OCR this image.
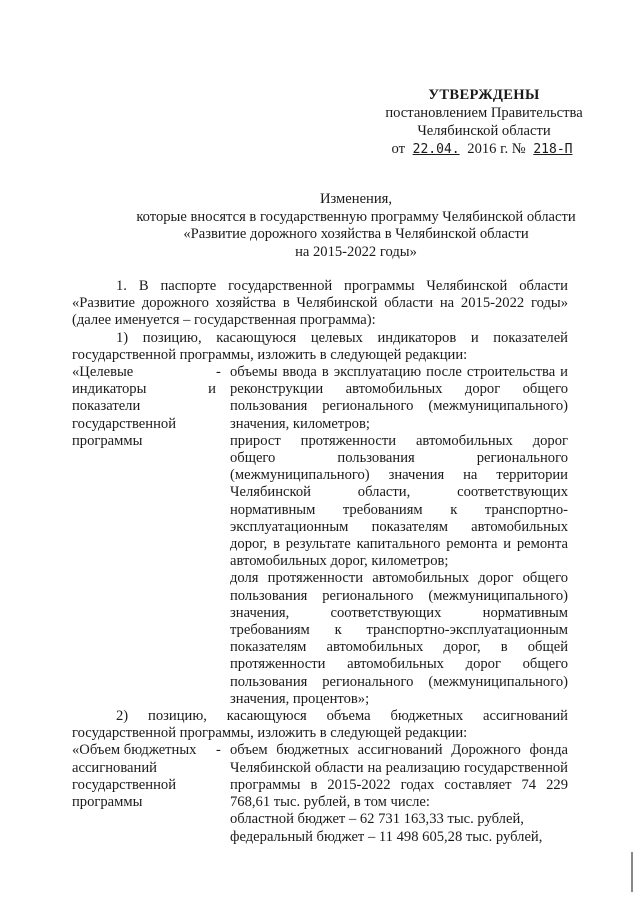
УТВЕРЖДЕНЫ
постановлением Правительства
Челябинской области
от 22.04. 2016 г. № 218-П
Изменения,
которые вносятся в государственную программу Челябинской области
«Развитие дорожного хозяйства в Челябинской области
на 2015-2022 годы»

1. В паспорте государственной программы Челябинской области «Развитие дорожного хозяйства в Челябинской области на 2015-2022 годы» (далее именуется – государственная программа):

1) позицию, касающуюся целевых индикаторов и показателей государственной программы, изложить в следующей редакции:

«Целевые
индикаторы и
показатели
государственной
программы
- объемы ввода в эксплуатацию после строительства и реконструкции автомобильных дорог общего пользования регионального (межмуниципального) значения, километров;
прирост протяженности автомобильных дорог общего пользования регионального (межмуниципального) значения на территории Челябинской области, соответствующих нормативным требованиям к транспортно-эксплуатационным показателям автомобильных дорог, в результате капитального ремонта и ремонта автомобильных дорог, километров;
доля протяженности автомобильных дорог общего пользования регионального (межмуниципального) значения, соответствующих нормативным требованиям к транспортно-эксплуатационным показателям автомобильных дорог, в общей протяженности автомобильных дорог общего пользования регионального (межмуниципального) значения, процентов»;

2) позицию, касающуюся объема бюджетных ассигнований государственной программы, изложить в следующей редакции:

«Объем бюджетных
ассигнований
государственной
программы
- объем бюджетных ассигнований Дорожного фонда Челябинской области на реализацию государственной программы в 2015-2022 годах составляет 74 229 768,61 тыс. рублей, в том числе:
областной бюджет – 62 731 163,33 тыс. рублей,
федеральный бюджет – 11 498 605,28 тыс. рублей,
